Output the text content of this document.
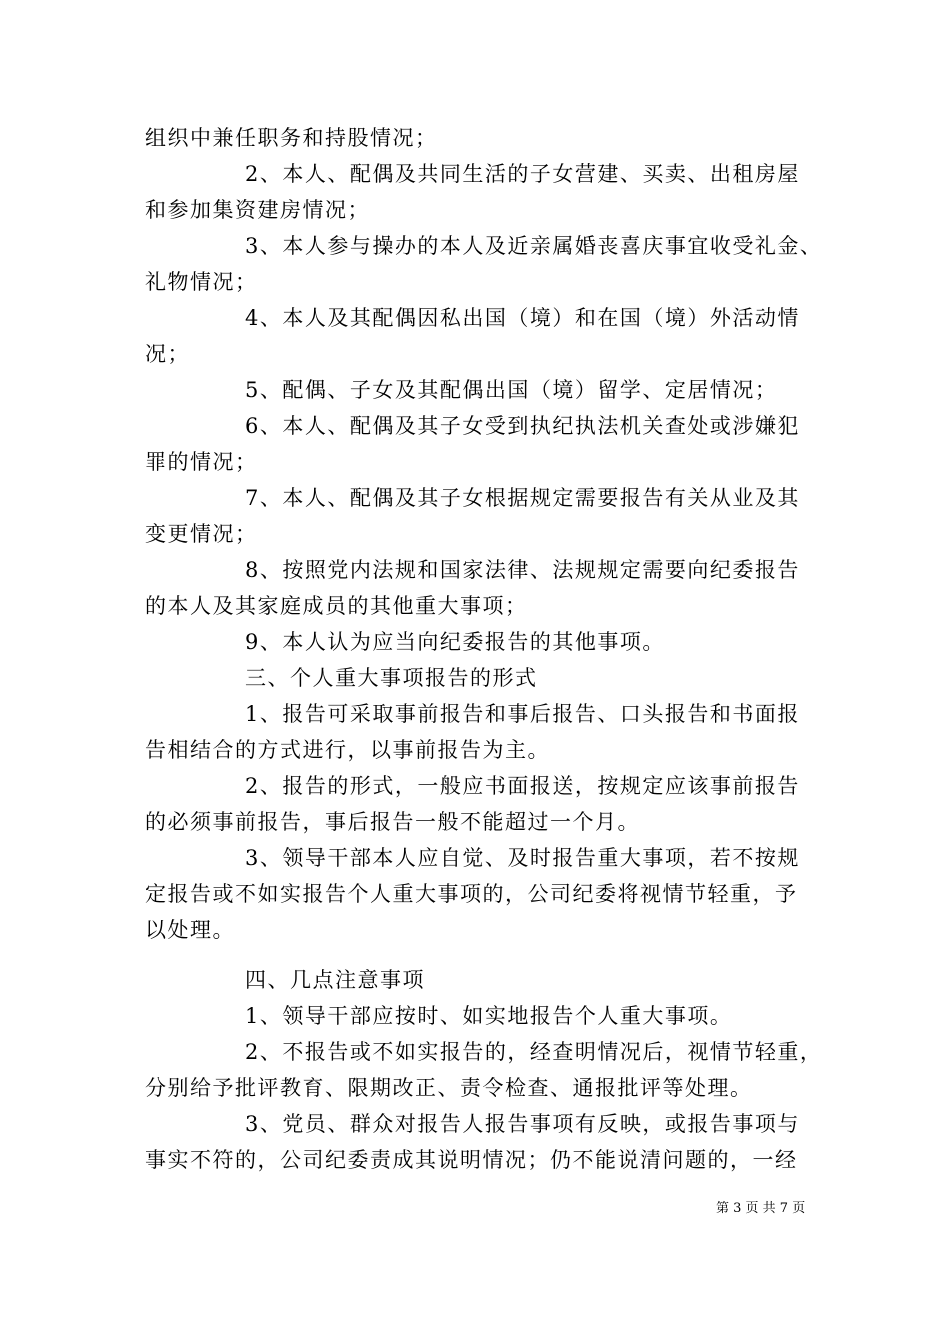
组织中兼任职务和持股情况；
2、本人、配偶及共同生活的子女营建、买卖、出租房屋
和参加集资建房情况；
3、本人参与操办的本人及近亲属婚丧喜庆事宜收受礼金、
礼物情况；
4、本人及其配偶因私出国（境）和在国（境）外活动情
况；
5、配偶、子女及其配偶出国（境）留学、定居情况；
6、本人、配偶及其子女受到执纪执法机关查处或涉嫌犯
罪的情况；
7、本人、配偶及其子女根据规定需要报告有关从业及其
变更情况；
8、按照党内法规和国家法律、法规规定需要向纪委报告
的本人及其家庭成员的其他重大事项；
9、本人认为应当向纪委报告的其他事项。
三、个人重大事项报告的形式
1、报告可采取事前报告和事后报告、口头报告和书面报
告相结合的方式进行，以事前报告为主。
2、报告的形式，一般应书面报送，按规定应该事前报告
的必须事前报告，事后报告一般不能超过一个月。
3、领导干部本人应自觉、及时报告重大事项，若不按规
定报告或不如实报告个人重大事项的，公司纪委将视情节轻重，予
以处理。
四、几点注意事项
1、领导干部应按时、如实地报告个人重大事项。
2、不报告或不如实报告的，经查明情况后，视情节轻重，
分别给予批评教育、限期改正、责令检查、通报批评等处理。
3、党员、群众对报告人报告事项有反映，或报告事项与
事实不符的，公司纪委责成其说明情况；仍不能说清问题的，一经
第 3 页 共 7 页
